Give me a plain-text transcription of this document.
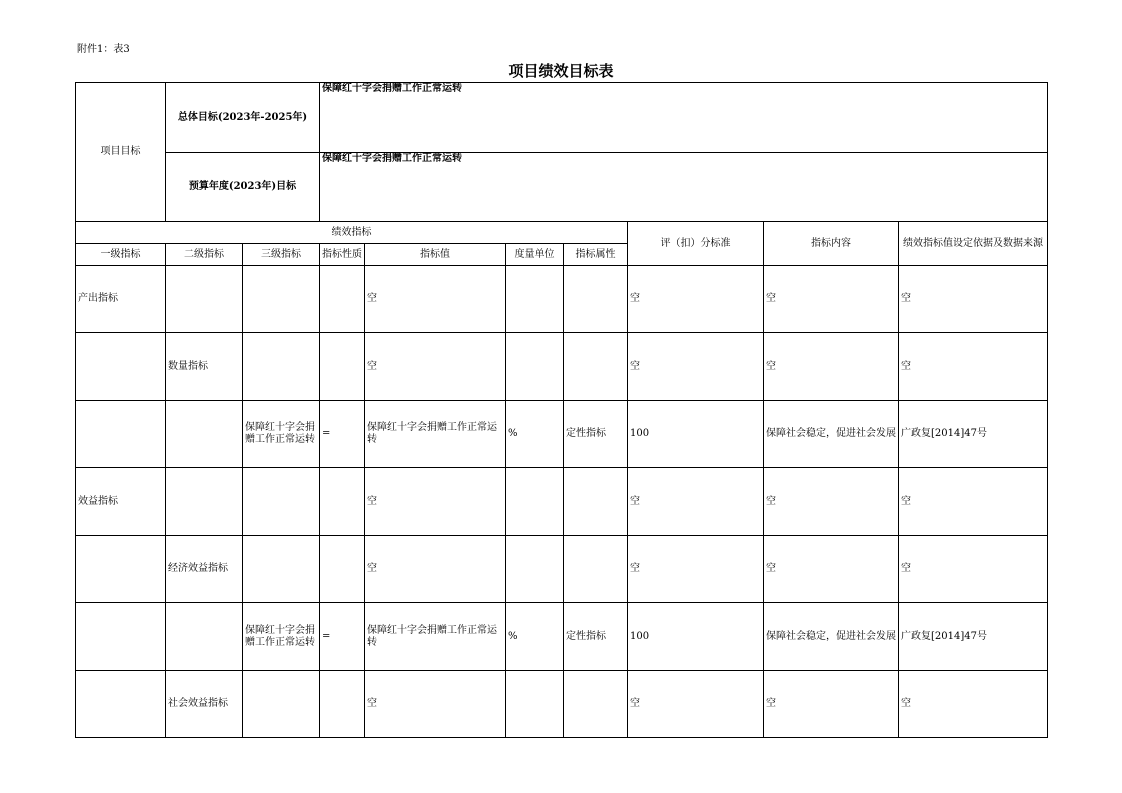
附件1：表3
项目绩效目标表
项目目标	总体目标(2023年-2025年)		保障红十字会捐赠工作正常运转						
	预算年度(2023年)目标		保障红十字会捐赠工作正常运转						
绩效指标							评（扣）分标准	指标内容	绩效指标值设定依据及数据来源
一级指标	二级指标	三级指标	指标性质	指标值	度量单位	指标属性			
产出指标				空			空	空	空
	数量指标			空			空	空	空
		保障红十字会捐赠工作正常运转	=	保障红十字会捐赠工作正常运转	%	定性指标	100	保障社会稳定，促进社会发展	广政复[2014]47号
效益指标				空			空	空	空
	经济效益指标			空			空	空	空
		保障红十字会捐赠工作正常运转	=	保障红十字会捐赠工作正常运转	%	定性指标	100	保障社会稳定，促进社会发展	广政复[2014]47号
	社会效益指标			空			空	空	空
